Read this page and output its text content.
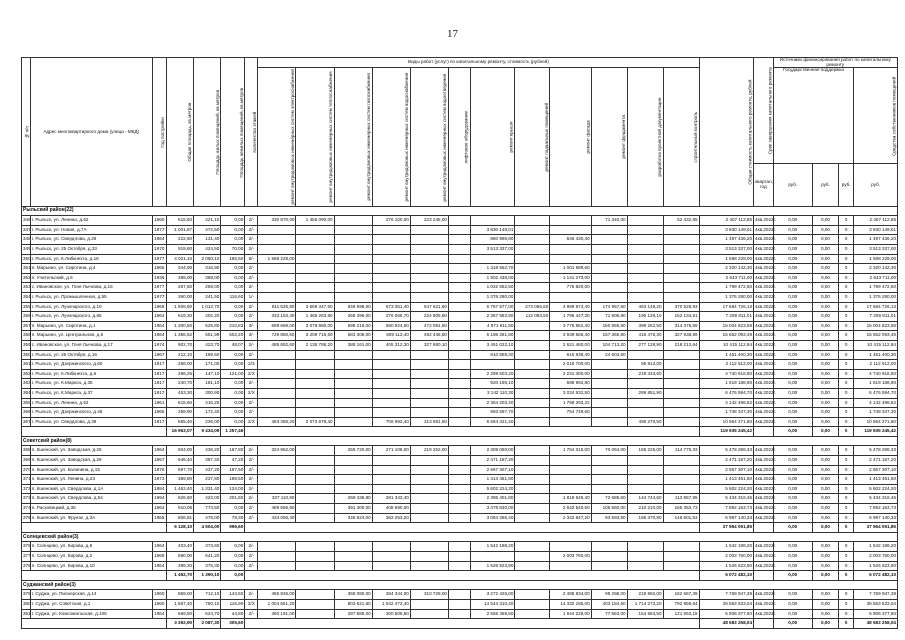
17
№ п/п	Адрес многоквартирного дома (улица - МКД)	Год постройки	Общая площадь, кв.метров	Площадь жилых помещений, кв.метров	Площадь нежилых помещений, кв.метров	Количество этажей	Виды работ (услуг) по капитальному ремонту, стоимость (рублей)												Общая стоимость капитального ремонта, рублей	Срок завершения капитального ремонта	Источники финансирования работ по капитальному ремонту			
							ремонт внутридомовых инженерных систем электроснабжения	ремонт внутридомовых инженерных систем теплоснабжения	ремонт внутридомовых инженерных систем газоснабжения	ремонт внутридомовых инженерных систем водоснабжения	ремонт внутридомовых инженерных систем водоотведения	лифтовое оборудование	ремонт крыши	ремонт подвальных помещений	ремонт фасада	ремонт фундамента	разработка проектной документации	строительный контроль			Государственная поддержка			Средства собственников помещений
																				квартал, год	руб.	руб.	руб.	руб.
Рыльский район(22)																								
346	г. Рыльск, ул. Ленина, д.62	1960	615,60	421,10	0,00	2/-	330 870,00	1 455 090,00		276 100,00	223 245,00					71 340,00		52 432,85	2 407 112,85	4кв.2022г.	0,00	0,00	0	2 407 112,85
347	г. Рыльск, ул. Новая, д.7А	1977	1 001,87	472,50	0,00	2/-							3 830 149,01						3 830 149,01	4кв.2022г.	0,00	0,00	0	3 830 149,01
348	г. Рыльск, ул. Свердлова, д.26	1964	222,60	131,40	0,00	2/-							850 996,80		646 430,40				1 497 436,20	4кв.2022г.	0,00	0,00	0	1 497 436,20
349	г. Рыльск, ул. 25 Октября, д.33	1970	919,60	424,50	70,00	2/-							3 513 337,00						3 513 337,00	4кв.2022г.	0,00	0,00	0	3 513 337,00
350	г. Рыльск, ул. К.Либкнехта, д.18	1977	4 021,10	2 060,10	165,50	5/-	1 588 229,00												1 588 229,00	4кв.2022г.	0,00	0,00	0	1 588 229,00
351	п. Марьино, ул. Сиротина, д.4	1966	344,90	316,90	0,00	2/-							1 318 552,70		1 001 589,60				2 320 142,30	4кв.2022г.	0,00	0,00	0	2 320 142,30
352	п. Учительский, д.6	1936	385,00	369,00	0,00	2/-							1 502 438,00		1 141 273,00				2 643 711,00	4кв.2022г.	0,00	0,00	0	2 643 711,00
353	с. Ивановское, ул. Гоня Лычкова, д.16	1977	267,50	259,00	0,00	2/-							1 022 652,50		776 820,00				1 799 472,50	4кв.2022г.	0,00	0,00	0	1 799 472,50
354	г. Рыльск, ул. Промышленная, д.55	1977	360,00	241,50	116,60	1/-							1 376 280,00						1 376 280,00	4кв.2022г.	0,00	0,00	0	1 376 280,00
355	г. Рыльск, ул. Луначарского, д.10	1968	1 508,60	1 012,70	0,00	2/-	811 626,80	3 569 347,60	848 598,00	673 351,40	547 621,60		5 757 577,00	273 056,60	4 989 974,40	174 957,60	463 149,20	370 528,93	17 684 726,13	4кв.2022г.	0,00	0,00	0	17 684 726,13
356	г. Рыльск, ул. Луначарского, д.65	1964	619,30	402,20	0,00	2/-	333 183,40	1 465 263,80	268 396,00	276 065,70	224 805,50		2 367 583,90	112 093,50	1 796 447,30	71 806,80	190 126,10	152 134,81	7 259 811,01	4кв.2022г.	0,00	0,00	0	7 259 811,01
357	п. Марьино, ул. Сиротина, д.1	1964	1 300,50	529,80	210,83	3/-	699 669,00	3 076 980,00	598 215,00	580 924,50	472 081,50		4 971 811,50		3 776 852,40	150 856,80	399 252,50	314 375,59	15 004 823,59	4кв.2022г.	0,00	0,00	0	15 004 823,59
358	п. Марьино, ул. Центральная, д.6	1964	1 356,62	551,99	502,20	3/-	729 850,60	3 209 715,60	583 308,00	609 113,40	492 446,80		5 186 281,80		3 939 566,40	157 365,80	416 476,30	327 938,89	15 652 093,49	4кв.2022г.	0,00	0,00	0	15 652 093,49
359	с. Ивановское, ул. Гоня Лычкова, д.17	1974	902,70	423,70	48,07	2/-	485 652,60	2 135 788,20	388 161,00	405 312,30	327 680,10		3 451 022,10		2 621 480,00	104 713,20	277 128,90	218 213,64	10 415 112,84	4кв.2022г.	0,00	0,00	0	10 415 112,84
360	г. Рыльск, ул. 25 Октября, д.16	1967	212,10	169,50	0,00	2/-							810 858,30		615 936,40	24 603,60			1 451 400,30	4кв.2022г.	0,00	0,00	0	1 451 400,30
361	г. Рыльск, ул. Дзержинского, д.60	1917	268,00	171,00	0,00	2/3									2 016 700,00		95 912,00		2 112 612,00	4кв.2022г.	0,00	0,00	0	2 112 612,00
362	г. Рыльск, ул. К.Либкнехта, д.6	1917	296,25	147,10	121,00	2/X							2 299 503,20		2 231 300,00		219 333,60		4 740 616,80	4кв.2022г.	0,00	0,00	0	4 740 616,80
363	г. Рыльск, ул. К.Маркса, д.35	1917	240,70	181,10	0,00	2/-							920 196,10		698 992,80				1 619 188,90	4кв.2022г.	0,00	0,00	0	1 619 188,90
364	г. Рыльск, ул. К.Маркса, д.37	1917	453,30	300,90	0,00	2/X							3 142 110,30		3 034 632,50		299 851,90		6 476 594,70	4кв.2022г.	0,00	0,00	0	6 476 594,70
365	г. Рыльск, ул. Ленина, д.62	1961	615,60	416,20	0,00	2/-							2 354 203,40		1 788 293,22				4 142 496,62	4кв.2022г.	0,00	0,00	0	4 142 496,62
366	г. Рыльск, ул. Дзержинского, д.46	1965	259,90	172,40	0,00	2/-							993 597,70		754 749,60				1 748 347,30	4кв.2022г.	0,00	0,00	0	1 748 347,30
367	г. Рыльск, ул. Свердлова, д.39	1917	655,40	236,00	0,00	2/X	463 356,20	2 073 678,40		706 993,40	313 691,50		6 664 421,40				495 270,50		10 664 271,60	4кв.2022г.	0,00	0,00	0	10 664 271,60
			16 963,07	9 434,09	1 257,46														119 935 245,42		0,00	0,00	0	119 935 245,42
Советский район(8)																								
368	п. Кшенский, ул. Заводская, д.26	1964	604,00	436,20	167,80	2/-	324 952,00		259 720,00	271 108,00	219 252,00		2 309 050,00		1 754 016,00	70 064,00	155 226,00	114 775,33	5 478 299,33	4кв.2022г.	0,00	0,00	0	5 478 299,33
369	п. Кшенский, ул. Заводская, д.28	1957	646,40	387,40	47,20	2/-							2 471 187,20						2 471 187,20	4кв.2022г.	0,00	0,00	0	2 471 187,20
370	п. Кшенский, ул. Калинина, д.15	1976	697,70	437,20	197,60	2/-							2 667 307,10						2 667 307,10	4кв.2022г.	0,00	0,00	0	2 667 307,10
371	п. Кшенский, ул. Ленина, д.23	1973	369,80	237,80	169,50	2/-							1 413 451,60						1 413 451,60	4кв.2022г.	0,00	0,00	0	1 413 451,60
372	п. Кшенский, ул. Свердлова, д.1А	1984	1 463,40	1 331,40	134,00	2/-							5 602 224,20						5 602 224,20	4кв.2022г.	0,00	0,00	0	5 602 224,20
373	п. Кшенский, ул. Свердлова, д.54	1994	626,60	423,00	201,60	2/-	337 110,80		269 436,80	281 343,40			2 395 401,80		1 819 646,40	72 685,60	144 744,60	113 857,95	5 434 316,45	4кв.2022г.	0,00	0,00	0	5 434 316,45
374	п. Расховецкий, д.36	1964	910,05	773,50	0,00	2/-	489 566,90		391 300,00	408 590,00			3 478 830,00		2 642 540,50	105 560,00	210 210,00	165 353,73	7 892 163,73	4кв.2022г.	0,00	0,00	0	7 892 163,73
375	п. Кшенский, ул. Фрунзе, д.3А	1965	806,81	478,00	78,30	2/-	434 056,40		346 924,00	362 253,20			3 084 286,40		2 342 847,20	93 593,80	186 370,80	146 601,53	6 997 140,33	4кв.2022г.	0,00	0,00	0	6 997 140,33
			6 128,10	4 504,00	996,60														37 964 091,85		0,00	0,00	0	37 964 091,85
Солнцевский район(3)																								
376	п. Солнцево, ул. Кирова, д.8	1964	403,40	373,60	0,00	2/-							1 542 198,20						1 542 198,20	4кв.2022г.	0,00	0,00	0	1 542 198,20
377	п. Солнцево, ул. Кирова, д.2	1969	690,00	641,20	0,00	2/-									2 003 760,00				2 003 760,00	4кв.2022г.	0,00	0,00	0	2 003 760,00
378	п. Солнцево, ул. Кирова, д.10	1954	399,30	375,30	0,00	2/-							1 526 523,90						1 526 523,90	4кв.2022г.	0,00	0,00	0	1 526 523,90
			1 492,70	1 390,10	0,00														5 072 482,10		0,00	0,00	0	5 072 482,10
Суджанский район(3)																								
379	г. Суджа, ул. Пионерская, д.14	1960	859,00	712,10	143,50	2/-	466 926,00		368 080,00	384 344,00	310 728,00		3 272 426,00		2 485 834,00	99 298,00	219 992,00	162 667,39	7 769 947,39	4кв.2022г.	0,00	0,00	0	7 769 947,39
380	г. Суджа, ул. Советская, д.1	1960	1 867,40	750,10	116,90	2/X	1 004 661,20		803 621,60	1 542 472,40			14 544 310,40		14 332 185,00	403 184,60	1 714 273,20	792 959,64	38 563 533,04	4кв.2022г.	0,00	0,00	0	38 563 533,04
381	г. Суджа, ул. Комсомольская, д.105	1964	669,50	624,70	44,80	2/-	360 191,00		287 885,00	300 605,50			2 558 459,50		1 944 228,00	77 663,00	154 654,50	121 653,18	5 806 377,60	4кв.2022г.	0,00	0,00	0	5 806 377,60
			3 392,90	2 087,30	305,60														48 583 258,04		0,00	0,00	0	48 583 258,04
